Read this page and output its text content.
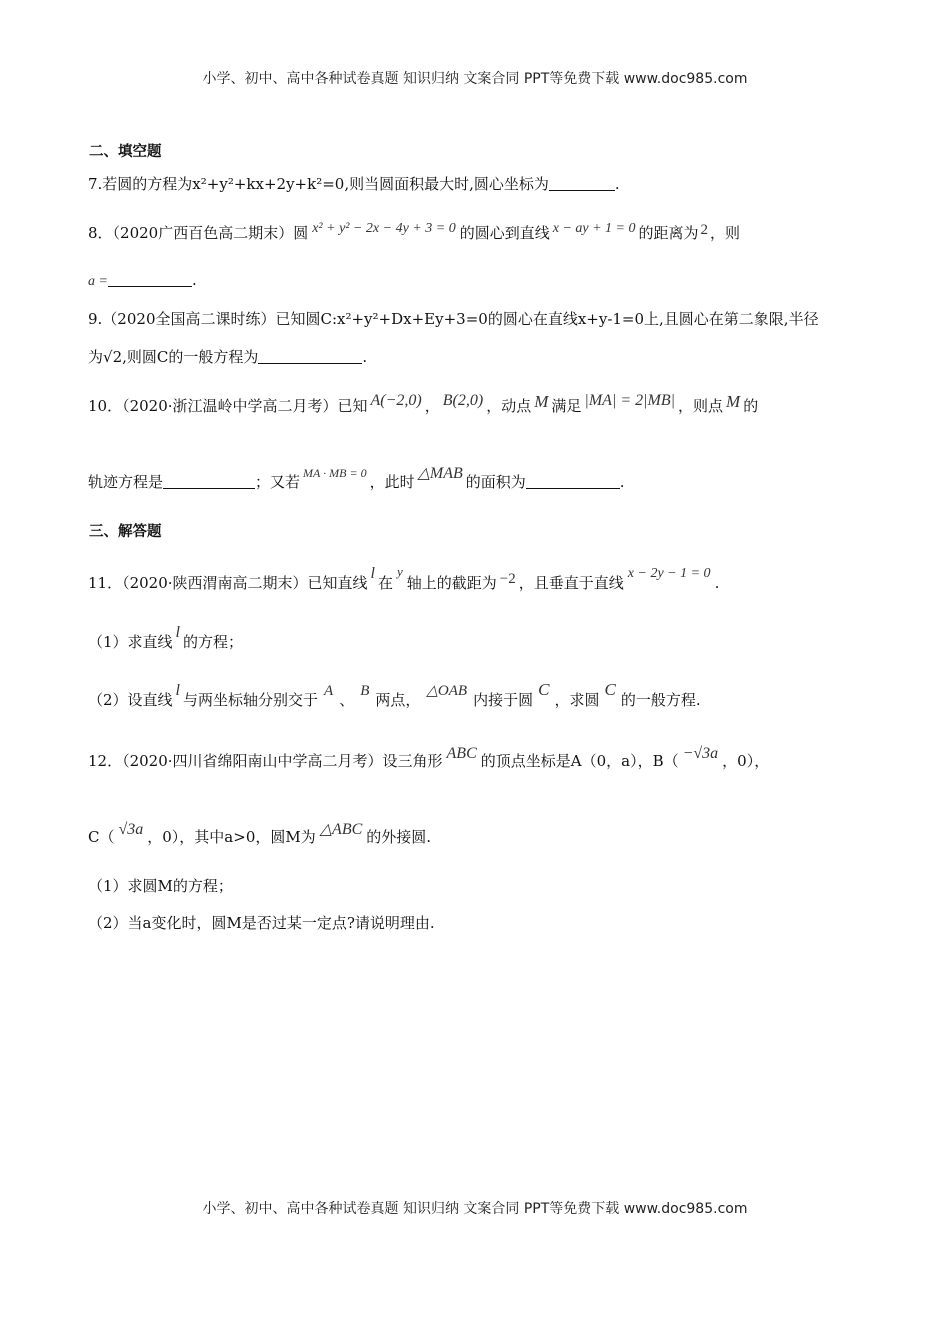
小学、初中、高中各种试卷真题 知识归纳 文案合同 PPT等免费下载 www.doc985.com
小学、初中、高中各种试卷真题 知识归纳 文案合同 PPT等免费下载 www.doc985.com
二、填空题
7.若圆的方程为x²+y²+kx+2y+k²=0,则当圆面积最大时,圆心坐标为	.
8．（2020广西百色高二期末）圆 x² + y² − 2x − 4y + 3 = 0 的圆心到直线 x − ay + 1 = 0 的距离为 2 ，则
a =	.
9.（2020全国高二课时练）已知圆C:x²+y²+Dx+Ey+3=0的圆心在直线x+y-1=0上,且圆心在第二象限,半径
为√2,则圆C的一般方程为	.
10．（2020·浙江温岭中学高二月考）已知 A(−2,0) ， B(2,0) ，动点 M 满足 |MA| = 2|MB| ，则点 M 的
轨迹方程是	；又若 $^{MA \cdot MB = 0}$ ，此时 △MAB 的面积为	.
三、解答题
11．（2020·陕西渭南高二期末）已知直线l在y轴上的截距为 −2 ，且垂直于直线x − 2y − 1 = 0.
（1）求直线l的方程；
（2）设直线l与两坐标轴分别交于 A 、 B 两点， △OAB 内接于圆C，求圆C的一般方程.
12．（2020·四川省绵阳南山中学高二月考）设三角形 ABC 的顶点坐标是A（0，a），B（ −√3a ，0），
C（ √3a ，0），其中a>0，圆M为 △ABC 的外接圆.
（1）求圆M的方程；
（2）当a变化时，圆M是否过某一定点?请说明理由.
